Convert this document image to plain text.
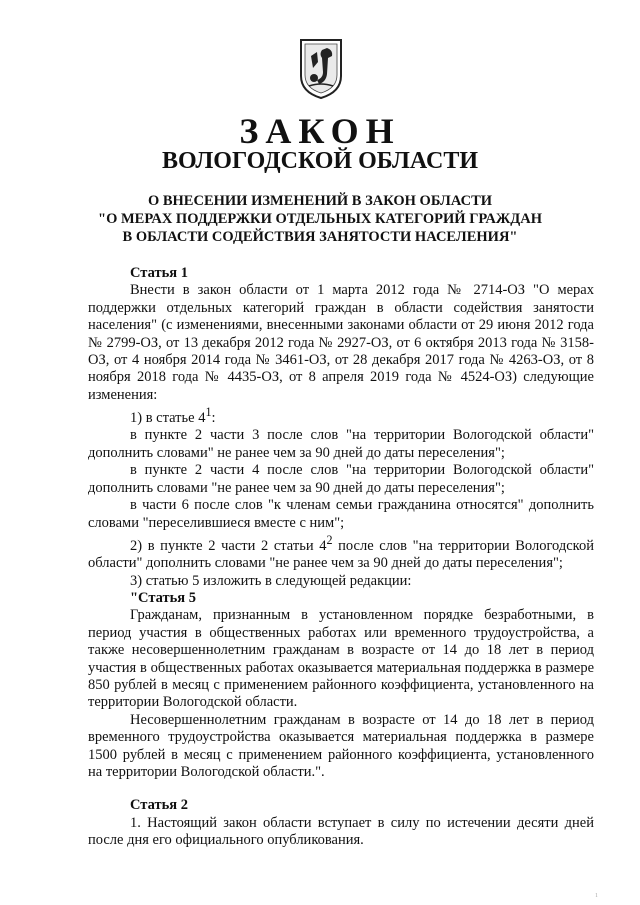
ЗАКОН
ВОЛОГОДСКОЙ ОБЛАСТИ
О ВНЕСЕНИИ ИЗМЕНЕНИЙ В ЗАКОН ОБЛАСТИ
"О МЕРАХ ПОДДЕРЖКИ ОТДЕЛЬНЫХ КАТЕГОРИЙ ГРАЖДАН
В ОБЛАСТИ СОДЕЙСТВИЯ ЗАНЯТОСТИ НАСЕЛЕНИЯ"
Статья 1

Внести в закон области от 1 марта 2012 года № 2714-ОЗ "О мерах поддержки отдельных категорий граждан в области содействия занятости населения" (с изменениями, внесенными законами области от 29 июня 2012 года № 2799-ОЗ, от 13 декабря 2012 года № 2927-ОЗ, от 6 октября 2013 года № 3158-ОЗ, от 4 ноября 2014 года № 3461-ОЗ, от 28 декабря 2017 года № 4263-ОЗ, от 8 ноября 2018 года № 4435-ОЗ, от 8 апреля 2019 года № 4524-ОЗ) следующие изменения:

1) в статье $4^1$:

в пункте 2 части 3 после слов "на территории Вологодской области" дополнить словами" не ранее чем за 90 дней до даты переселения";

в пункте 2 части 4 после слов "на территории Вологодской области" дополнить словами "не ранее чем за 90 дней до даты переселения";

в части 6 после слов "к членам семьи гражданина относятся" дополнить словами "переселившиеся вместе с ним";

2) в пункте 2 части 2 статьи $4^2$ после слов "на территории Вологодской области" дополнить словами "не ранее чем за 90 дней до даты переселения";

3) статью 5 изложить в следующей редакции:

"Статья 5

Гражданам, признанным в установленном порядке безработными, в период участия в общественных работах или временного трудоустройства, а также несовершеннолетним гражданам в возрасте от 14 до 18 лет в период участия в общественных работах оказывается материальная поддержка в размере 850 рублей в месяц с применением районного коэффициента, установленного на территории Вологодской области.

Несовершеннолетним гражданам в возрасте от 14 до 18 лет в период временного трудоустройства оказывается материальная поддержка в размере 1500 рублей в месяц с применением районного коэффициента, установленного на территории Вологодской области.".

Статья 2

1. Настоящий закон области вступает в силу по истечении десяти дней после дня его официального опубликования.

1
